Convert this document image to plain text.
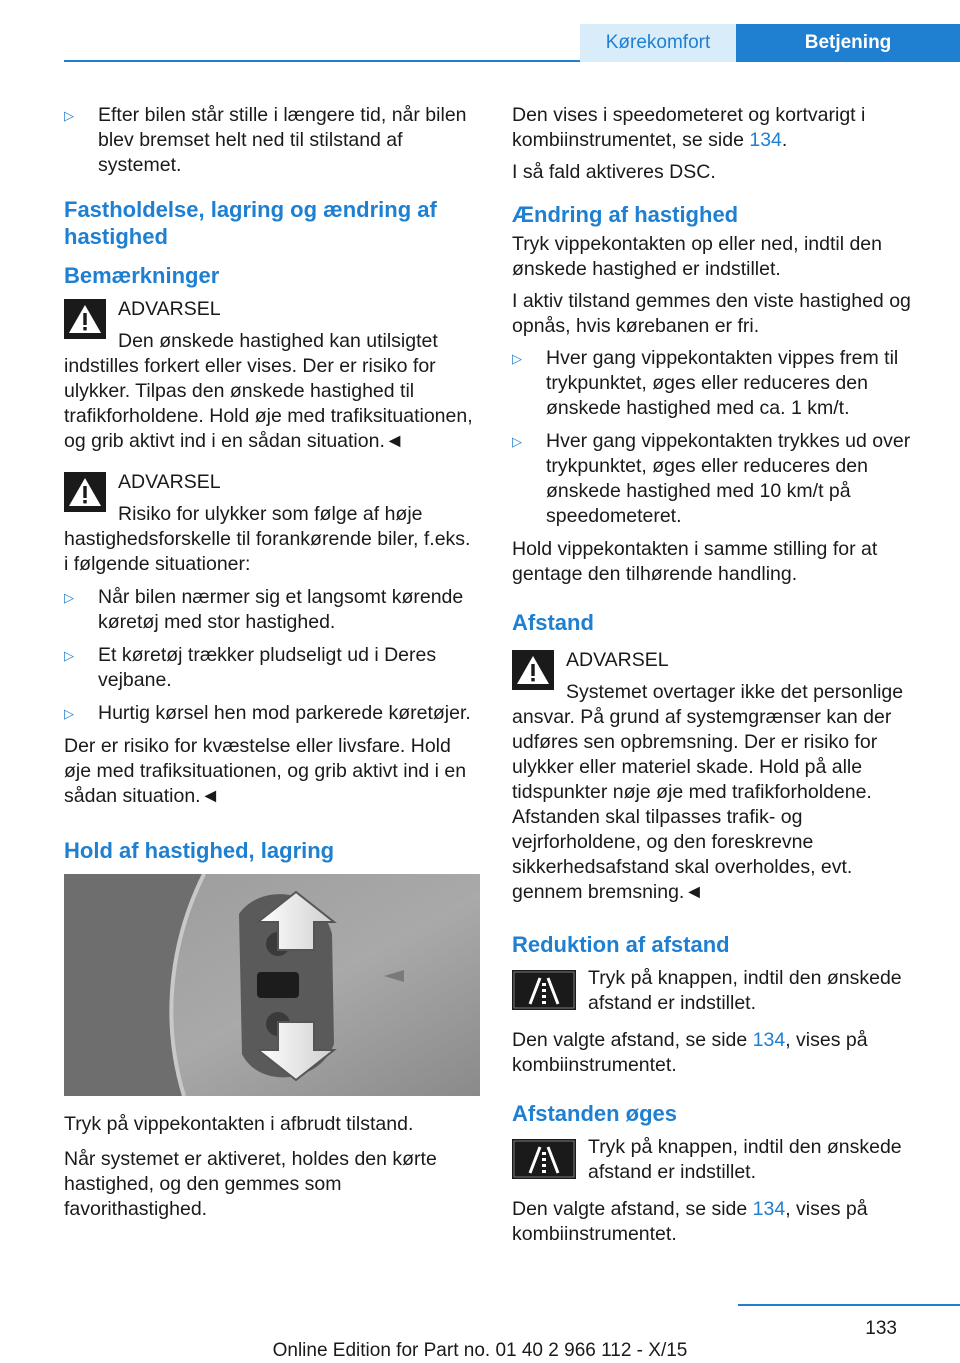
Kørekomfort	Betjening
▷ Efter bilen står stille i længere tid, når bilen blev bremset helt ned til stilstand af systemet.
Fastholdelse, lagring og ændring af hastighed
Bemærkninger
ADVARSEL
Den ønskede hastighed kan utilsigtet indstilles forkert eller vises. Der er risiko for ulykker. Tilpas den ønskede hastighed til trafikforholdene. Hold øje med trafiksituationen, og grib aktivt ind i en sådan situation.◄
ADVARSEL
Risiko for ulykker som følge af høje hastighedsforskelle til forankørende biler, f.eks. i følgende situationer:
▷ Når bilen nærmer sig et langsomt kørende køretøj med stor hastighed.
▷ Et køretøj trækker pludseligt ud i Deres vejbane.
▷ Hurtig kørsel hen mod parkerede køretøjer.

Der er risiko for kvæstelse eller livsfare. Hold øje med trafiksituationen, og grib aktivt ind i en sådan situation.◄

Hold af hastighed, lagring

Tryk på vippekontakten i afbrudt tilstand.

Når systemet er aktiveret, holdes den kørte hastighed, og den gemmes som favorithastighed.

Den vises i speedometeret og kortvarigt i kombiinstrumentet, se side 134.

I så fald aktiveres DSC.

Ændring af hastighed

Tryk vippekontakten op eller ned, indtil den ønskede hastighed er indstillet.

I aktiv tilstand gemmes den viste hastighed og opnås, hvis kørebanen er fri.

▷ Hver gang vippekontakten vippes frem til trykpunktet, øges eller reduceres den ønskede hastighed med ca. 1 km/t.
▷ Hver gang vippekontakten trykkes ud over trykpunktet, øges eller reduceres den ønskede hastighed med 10 km/t på speedometeret.

Hold vippekontakten i samme stilling for at gentage den tilhørende handling.

Afstand
ADVARSEL
Systemet overtager ikke det personlige ansvar. På grund af systemgrænser kan der udføres sen opbremsning. Der er risiko for ulykker eller materiel skade. Hold på alle tidspunkter nøje øje med trafikforholdene. Afstanden skal tilpasses trafik- og vejrforholdene, og den foreskrevne sikkerhedsafstand skal overholdes, evt. gennem bremsning.◄
Reduktion af afstand
Tryk på knappen, indtil den ønskede afstand er indstillet.

Den valgte afstand, se side 134, vises på kombiinstrumentet.

Afstanden øges
Tryk på knappen, indtil den ønskede afstand er indstillet.

Den valgte afstand, se side 134, vises på kombiinstrumentet.

133
Online Edition for Part no. 01 40 2 966 112 - X/15
